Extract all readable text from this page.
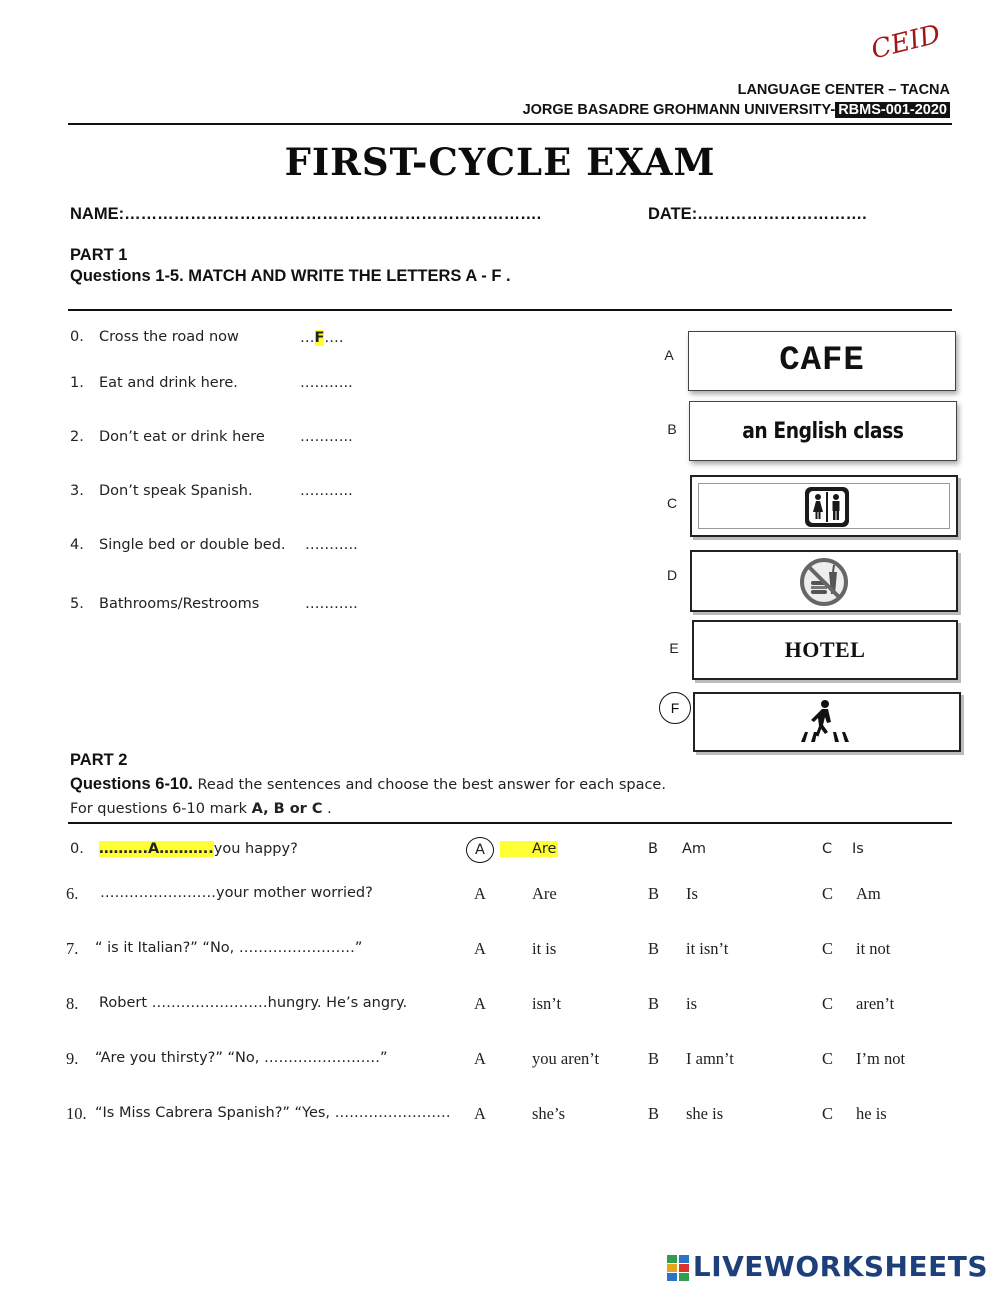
CEID
LANGUAGE CENTER – TACNA
JORGE BASADRE GROHMANN UNIVERSITY- RBMS-001-2020
FIRST-CYCLE EXAM
NAME:………………………………………………………………….	DATE:………………………….
PART 1
Questions 1-5. MATCH AND WRITE THE LETTERS A - F .
0. Cross the road now	…F….
1. Eat and drink here.	………..
2. Don’t eat or drink here ………..
3. Don’t speak Spanish.	………..
4. Single bed or double bed. ………..
5. Bathrooms/Restrooms	………..
A	CAFE
B	an English class
C
D
E	HOTEL
F
PART 2
Questions 6-10. Read the sentences and choose the best answer for each space.
For questions 6-10 mark A, B or C .
0. ……….A………..you happy?	A	Are	B Am	C Is
6. ……………………your mother worried?	A	Are	B Is	C Am
7. “ is it Italian?” “No, ……………………”	A	it is	B it isn’t	C it not
8. Robert ……………………hungry. He’s angry.	A	isn’t	B is	C aren’t
9. “Are you thirsty?” “No, ……………………”	A	you aren’t	B I amn’t	C I’m not
10. “Is Miss Cabrera Spanish?” “Yes, …………………… A	she’s	B she is	C he is
LIVEWORKSHEETS
